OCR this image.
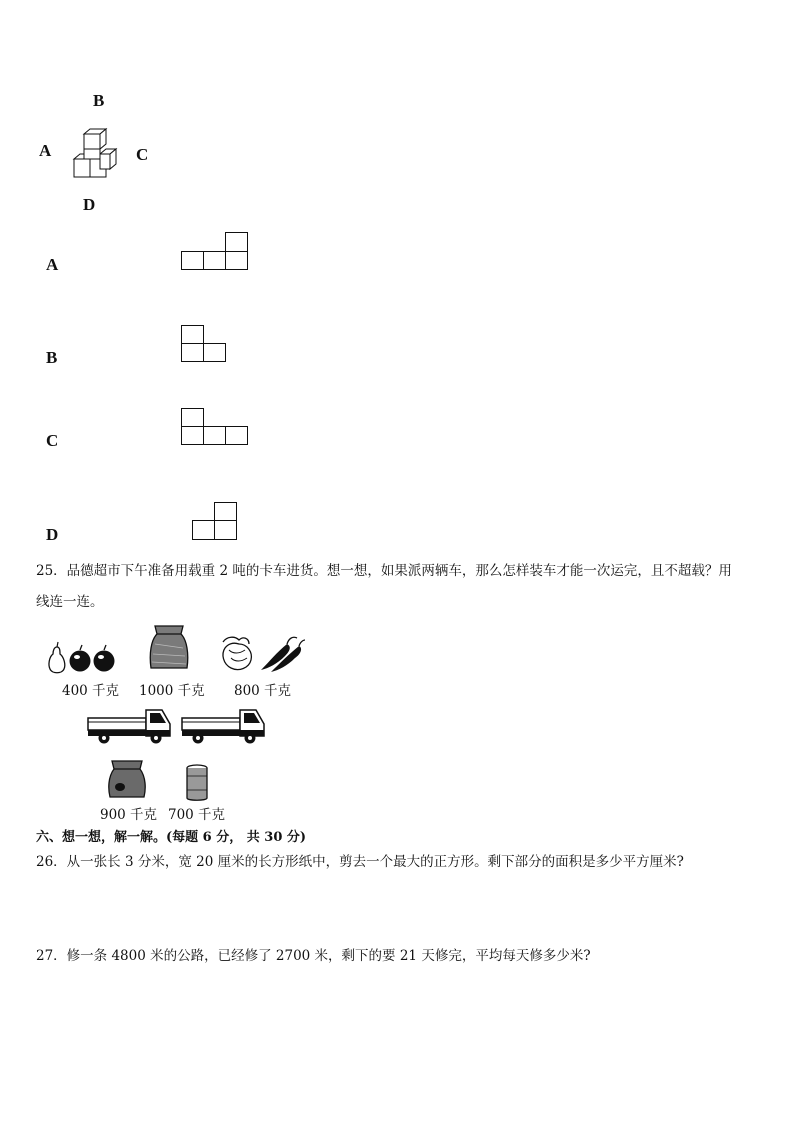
B
A	C
D
A
B
C
D
25．品德超市下午准备用载重 2 吨的卡车进货。想一想，如果派两辆车，那么怎样装车才能一次运完，且不超载？用
线连一连。
400 千克 1000 千克 800 千克
900 千克 700 千克
六、想一想，解一解。(每题 6 分， 共 30 分)
26．从一张长 3 分米，宽 20 厘米的长方形纸中，剪去一个最大的正方形。剩下部分的面积是多少平方厘米?
27．修一条 4800 米的公路，已经修了 2700 米，剩下的要 21 天修完，平均每天修多少米?
